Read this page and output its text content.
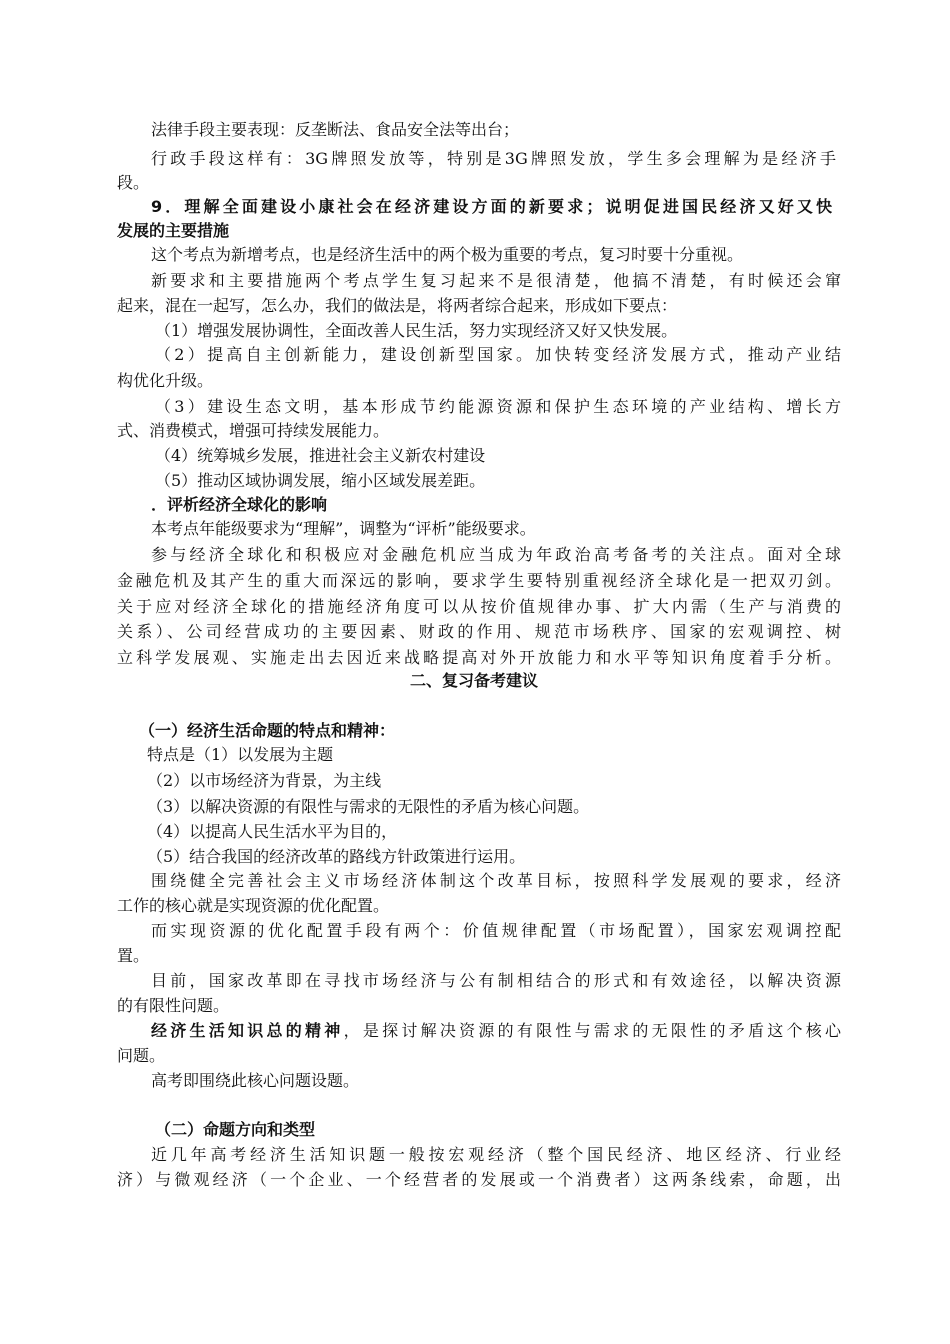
法律手段主要表现：反垄断法、食品安全法等出台；
行政手段这样有：3G牌照发放等，特别是3G牌照发放，学生多会理解为是经济手
段。
9．理解全面建设小康社会在经济建设方面的新要求；说明促进国民经济又好又快
发展的主要措施
这个考点为新增考点，也是经济生活中的两个极为重要的考点，复习时要十分重视。
新要求和主要措施两个考点学生复习起来不是很清楚，他搞不清楚，有时候还会窜
起来，混在一起写，怎么办，我们的做法是，将两者综合起来，形成如下要点：
（1）增强发展协调性，全面改善人民生活，努力实现经济又好又快发展。
（2）提高自主创新能力，建设创新型国家。加快转变经济发展方式，推动产业结
构优化升级。
（3）建设生态文明，基本形成节约能源资源和保护生态环境的产业结构、增长方
式、消费模式，增强可持续发展能力。
（4）统筹城乡发展，推进社会主义新农村建设
（5）推动区域协调发展，缩小区域发展差距。
．评析经济全球化的影响
本考点年能级要求为“理解”，调整为“评析”能级要求。
参与经济全球化和积极应对金融危机应当成为年政治高考备考的关注点。面对全球
金融危机及其产生的重大而深远的影响，要求学生要特别重视经济全球化是一把双刃剑。
关于应对经济全球化的措施经济角度可以从按价值规律办事、扩大内需（生产与消费的
关系）、公司经营成功的主要因素、财政的作用、规范市场秩序、国家的宏观调控、树
立科学发展观、实施走出去因近来战略提高对外开放能力和水平等知识角度着手分析。
二、复习备考建议
（一）经济生活命题的特点和精神：
特点是（1）以发展为主题
（2）以市场经济为背景，为主线
（3）以解决资源的有限性与需求的无限性的矛盾为核心问题。
（4）以提高人民生活水平为目的，
（5）结合我国的经济改革的路线方针政策进行运用。
围绕健全完善社会主义市场经济体制这个改革目标，按照科学发展观的要求，经济
工作的核心就是实现资源的优化配置。
而实现资源的优化配置手段有两个：价值规律配置（市场配置），国家宏观调控配
置。
目前，国家改革即在寻找市场经济与公有制相结合的形式和有效途径，以解决资源
的有限性问题。
经济生活知识总的精神，是探讨解决资源的有限性与需求的无限性的矛盾这个核心
问题。
高考即围绕此核心问题设题。
（二）命题方向和类型
近几年高考经济生活知识题一般按宏观经济（整个国民经济、地区经济、行业经
济）与微观经济（一个企业、一个经营者的发展或一个消费者）这两条线索，命题，出
